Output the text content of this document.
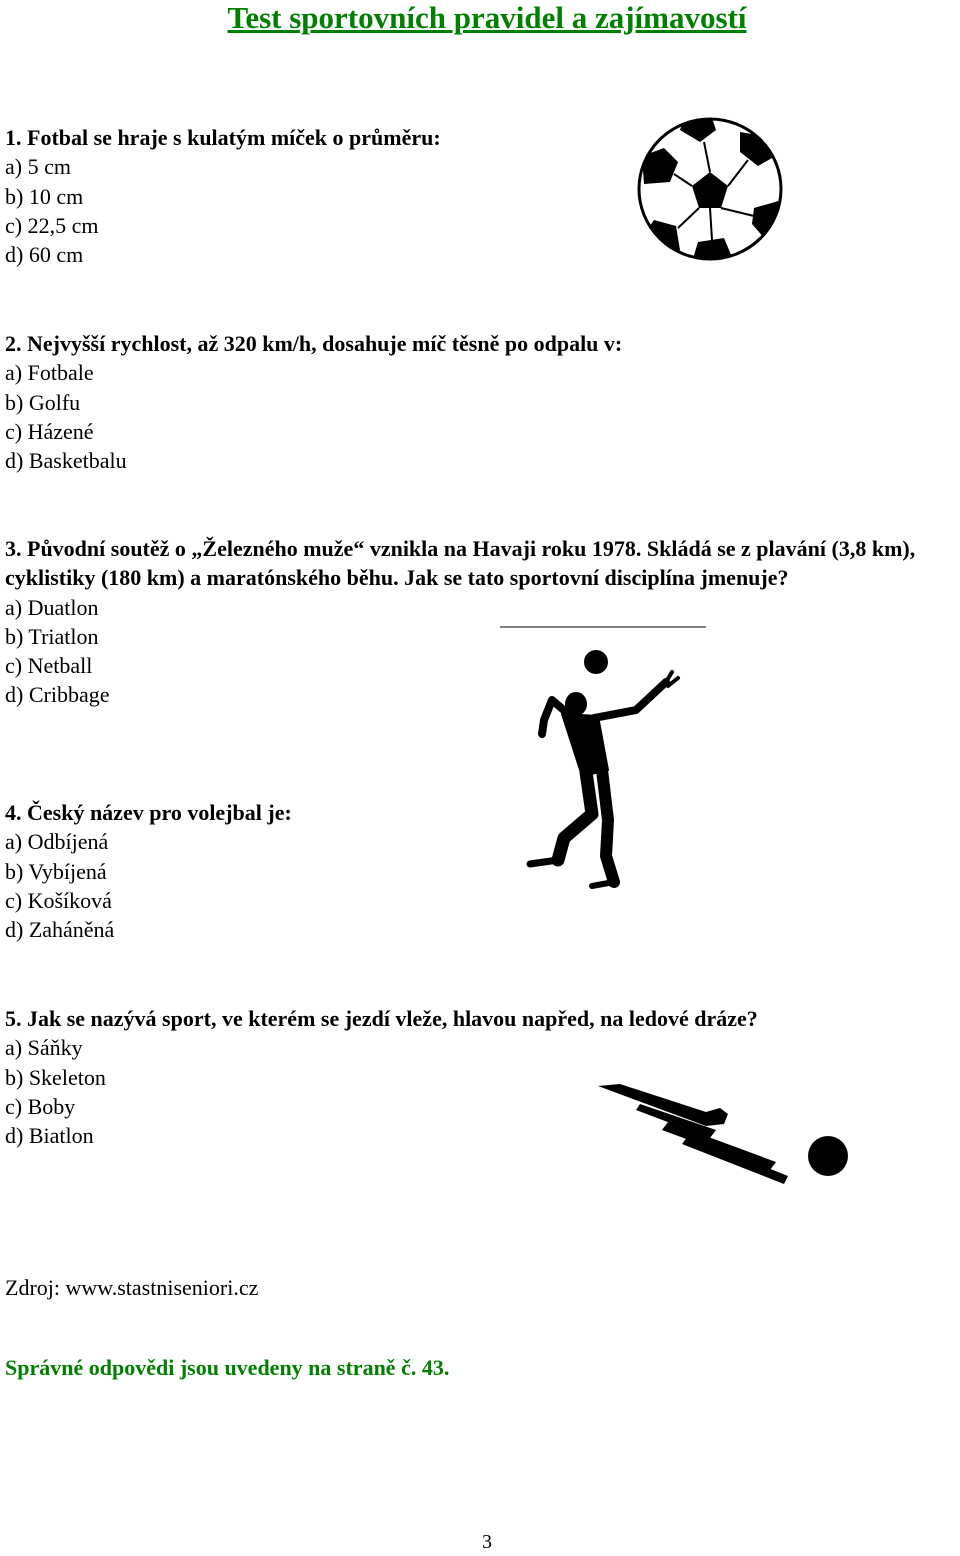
Test sportovních pravidel a zajímavostí
1. Fotbal se hraje s kulatým míček o průměru:
a) 5 cm
b) 10 cm
c) 22,5 cm
d) 60 cm
2. Nejvyšší rychlost, až 320 km/h, dosahuje míč těsně po odpalu v:
a) Fotbale
b) Golfu
c) Házené
d) Basketbalu
3. Původní soutěž o „Železného muže“ vznikla na Havaji roku 1978. Skládá se z plavání (3,8 km), cyklistiky (180 km) a maratónského běhu. Jak se tato sportovní disciplína jmenuje?
a) Duatlon
b) Triatlon
c) Netball
d) Cribbage
4. Český název pro volejbal je:
a) Odbíjená
b) Vybíjená
c) Košíková
d) Zaháněná
5. Jak se nazývá sport, ve kterém se jezdí vleže, hlavou napřed, na ledové dráze?
a) Sáňky
b) Skeleton
c) Boby
d) Biatlon
Zdroj: www.stastniseniori.cz
Správné odpovědi jsou uvedeny na straně č. 43.
3
